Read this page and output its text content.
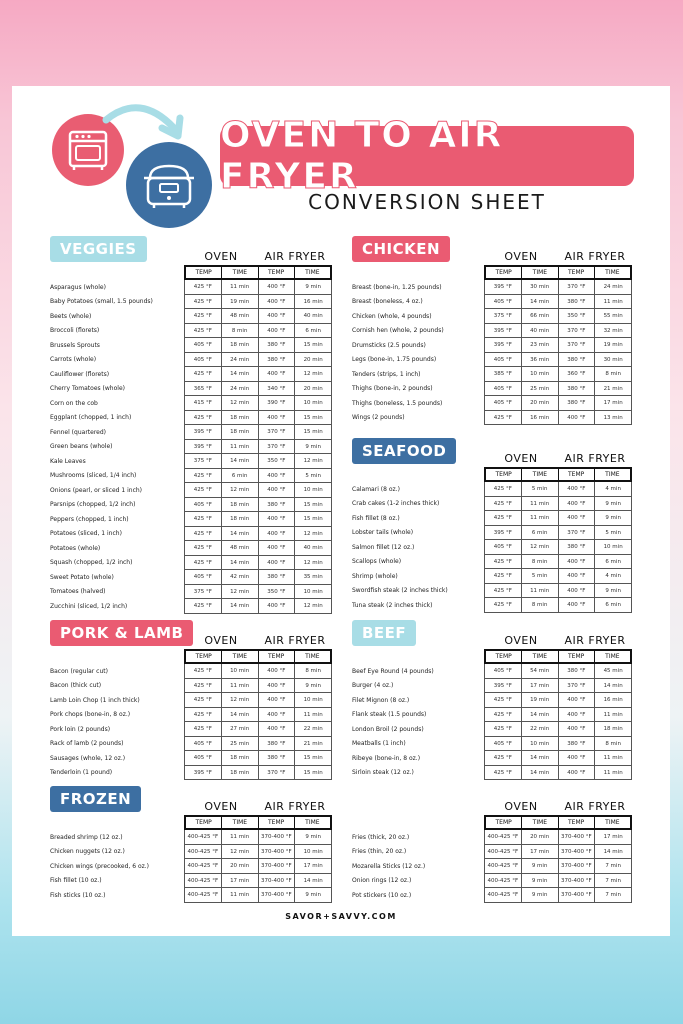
OVEN TO AIR FRYER
CONVERSION SHEET
VEGGIES	OVEN	AIR FRYER
TEMP	TIME	TEMP	TIME
Asparagus (whole)	425 °F	11 min	400 °F	9 min
Baby Potatoes (small, 1.5 pounds)	425 °F	19 min	400 °F	16 min
Beets (whole)	425 °F	48 min	400 °F	40 min
Broccoli (florets)	425 °F	8 min	400 °F	6 min
Brussels Sprouts	405 °F	18 min	380 °F	15 min
Carrots (whole)	405 °F	24 min	380 °F	20 min
Cauliflower (florets)	425 °F	14 min	400 °F	12 min
Cherry Tomatoes (whole)	365 °F	24 min	340 °F	20 min
Corn on the cob	415 °F	12 min	390 °F	10 min
Eggplant (chopped, 1 inch)	425 °F	18 min	400 °F	15 min
Fennel (quartered)	395 °F	18 min	370 °F	15 min
Green beans (whole)	395 °F	11 min	370 °F	9 min
Kale Leaves	375 °F	14 min	350 °F	12 min
Mushrooms (sliced, 1/4 inch)	425 °F	6 min	400 °F	5 min
Onions (pearl, or sliced 1 inch)	425 °F	12 min	400 °F	10 min
Parsnips (chopped, 1/2 inch)	405 °F	18 min	380 °F	15 min
Peppers (chopped, 1 inch)	425 °F	18 min	400 °F	15 min
Potatoes (sliced, 1 inch)	425 °F	14 min	400 °F	12 min
Potatoes (whole)	425 °F	48 min	400 °F	40 min
Squash (chopped, 1/2 inch)	425 °F	14 min	400 °F	12 min
Sweet Potato (whole)	405 °F	42 min	380 °F	35 min
Tomatoes (halved)	375 °F	12 min	350 °F	10 min
Zucchini (sliced, 1/2 inch)	425 °F	14 min	400 °F	12 min
CHICKEN	OVEN	AIR FRYER
TEMP	TIME	TEMP	TIME
Breast (bone-in, 1.25 pounds)	395 °F	30 min	370 °F	24 min
Breast (boneless, 4 oz.)	405 °F	14 min	380 °F	11 min
Chicken (whole, 4 pounds)	375 °F	66 min	350 °F	55 min
Cornish hen (whole, 2 pounds)	395 °F	40 min	370 °F	32 min
Drumsticks (2.5 pounds)	395 °F	23 min	370 °F	19 min
Legs (bone-in, 1.75 pounds)	405 °F	36 min	380 °F	30 min
Tenders (strips, 1 inch)	385 °F	10 min	360 °F	8 min
Thighs (bone-in, 2 pounds)	405 °F	25 min	380 °F	21 min
Thighs (boneless, 1.5 pounds)	405 °F	20 min	380 °F	17 min
Wings (2 pounds)	425 °F	16 min	400 °F	13 min
SEAFOOD	OVEN	AIR FRYER
TEMP	TIME	TEMP	TIME
Calamari (8 oz.)	425 °F	5 min	400 °F	4 min
Crab cakes (1-2 inches thick)	425 °F	11 min	400 °F	9 min
Fish fillet (8 oz.)	425 °F	11 min	400 °F	9 min
Lobster tails (whole)	395 °F	6 min	370 °F	5 min
Salmon fillet (12 oz.)	405 °F	12 min	380 °F	10 min
Scallops (whole)	425 °F	8 min	400 °F	6 min
Shrimp (whole)	425 °F	5 min	400 °F	4 min
Swordfish steak (2 inches thick)	425 °F	11 min	400 °F	9 min
Tuna steak (2 inches thick)	425 °F	8 min	400 °F	6 min
PORK & LAMB	OVEN	AIR FRYER
TEMP	TIME	TEMP	TIME
Bacon (regular cut)	425 °F	10 min	400 °F	8 min
Bacon (thick cut)	425 °F	11 min	400 °F	9 min
Lamb Loin Chop (1 inch thick)	425 °F	12 min	400 °F	10 min
Pork chops (bone-in, 8 oz.)	425 °F	14 min	400 °F	11 min
Pork loin (2 pounds)	425 °F	27 min	400 °F	22 min
Rack of lamb (2 pounds)	405 °F	25 min	380 °F	21 min
Sausages (whole, 12 oz.)	405 °F	18 min	380 °F	15 min
Tenderloin (1 pound)	395 °F	18 min	370 °F	15 min
BEEF	OVEN	AIR FRYER
TEMP	TIME	TEMP	TIME
Beef Eye Round (4 pounds)	405 °F	54 min	380 °F	45 min
Burger (4 oz.)	395 °F	17 min	370 °F	14 min
Filet Mignon (8 oz.)	425 °F	19 min	400 °F	16 min
Flank steak (1.5 pounds)	425 °F	14 min	400 °F	11 min
London Broil (2 pounds)	425 °F	22 min	400 °F	18 min
Meatballs (1 inch)	405 °F	10 min	380 °F	8 min
Ribeye (bone-in, 8 oz.)	425 °F	14 min	400 °F	11 min
Sirloin steak (12 oz.)	425 °F	14 min	400 °F	11 min
FROZEN	OVEN	AIR FRYER
TEMP	TIME	TEMP	TIME
Breaded shrimp (12 oz.)	400-425 °F	11 min	370-400 °F	9 min
Chicken nuggets (12 oz.)	400-425 °F	12 min	370-400 °F	10 min
Chicken wings (precooked, 6 oz.)	400-425 °F	20 min	370-400 °F	17 min
Fish fillet (10 oz.)	400-425 °F	17 min	370-400 °F	14 min
Fish sticks (10 oz.)	400-425 °F	11 min	370-400 °F	9 min
OVEN	AIR FRYER
TEMP	TIME	TEMP	TIME
Fries (thick, 20 oz.)	400-425 °F	20 min	370-400 °F	17 min
Fries (thin, 20 oz.)	400-425 °F	17 min	370-400 °F	14 min
Mozarella Sticks (12 oz.)	400-425 °F	9 min	370-400 °F	7 min
Onion rings (12 oz.)	400-425 °F	9 min	370-400 °F	7 min
Pot stickers (10 oz.)	400-425 °F	9 min	370-400 °F	7 min
SAVOR+SAVVY.COM
